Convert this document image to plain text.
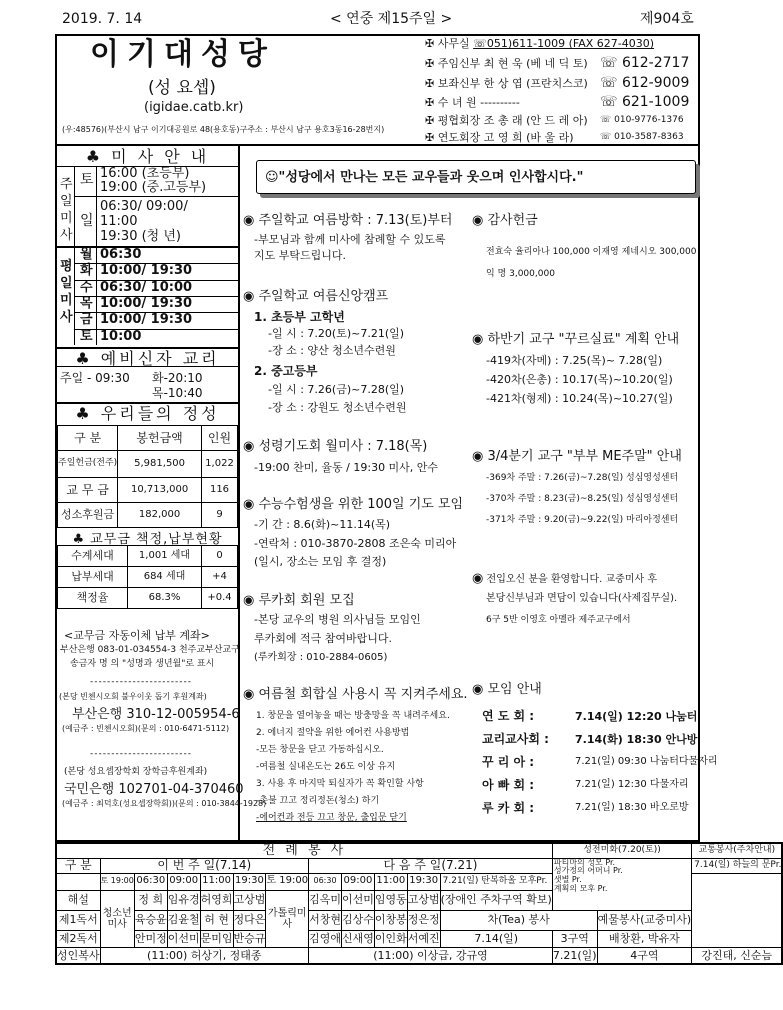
2019. 7. 14	< 연중 제15주일 >	제904호
이기대성당
(성 요셉)
(igidae.catb.kr)
(우:48576)(부산시 남구 이기대공원로 48(용호동)구주소 : 부산시 남구 용호3동16-28번지)
✠ 사무실 ☏051)611-1009 (FAX 627-4030)
✠ 주임신부 최 현 욱 (베 네 딕 토) ☏ 612-2717
✠ 보좌신부 한 상 엽 (프란치스코) ☏ 612-9009
✠ 수 녀 원 ----------	☏ 621-1009
✠ 평협회장 조 총 래 (안 드 레 아) ☏ 010-9776-1376
✠ 연도회장 고 영 희 (바 울 라)	☏ 010-3587-8363
♣ 미 사 안 내
주일미사
토 16:00 (초등부)
19:00 (중.고등부)
일
06:30/ 09:00/
11:00
19:30 (청 년)
평일미사
월 06:30
화 10:00/ 19:30
수 06:30/ 10:00
목 10:00/ 19:30
금 10:00/ 19:30
토 10:00
♣ 예비신자 교리
주일 - 09:30 화-20:10
목-10:40
♣ 우리들의 정성
구 분	봉헌금액	인원
주일헌금(전주)	5,981,500	1,022
교 무 금	10,713,000	116
성소후원금	182,000	9
♣ 교무금 책정,납부현황
수계세대	1,001 세대	0
납부세대	684 세대	+4
책정율	68.3%	+0.4
<교무금 자동이체 납부 계좌>
부산은행 083-01-034554-3 천주교부산교구
송금자 명 의 "성명과 생년월"로 표시
------------------------
(본당 빈첸시오회 불우이웃 돕기 후원계좌)
부산은행 310-12-005954-6
(예금주 : 빈첸시오회)(문의 : 010-6471-5112)
------------------------
(본당 성요셉장학회 장학금후원계좌)
국민은행 102701-04-370460
(예금주 : 최덕호(성요셉장학회))(문의 : 010-3844-1928)
☺"성당에서 만나는 모든 교우들과 웃으며 인사합시다."
◉ 주일학교 여름방학 : 7.13(토)부터
-부모님과 함께 미사에 참례할 수 있도록
지도 부탁드립니다.
◉ 주일학교 여름신앙캠프
1. 초등부 고학년
-일 시 : 7.20(토)~7.21(일)
-장 소 : 양산 청소년수련원
2. 중고등부
-일 시 : 7.26(금)~7.28(일)
-장 소 : 강원도 청소년수련원
◉ 성령기도회 월미사 : 7.18(목)
-19:00 찬미, 율동 / 19:30 미사, 안수
◉ 수능수험생을 위한 100일 기도 모임
-기 간 : 8.6(화)~11.14(목)
-연락처 : 010-3870-2808 조은숙 미리아
(일시, 장소는 모임 후 결정)
◉ 루카회 회원 모집
-본당 교우의 병원 의사님들 모임인
루카회에 적극 참여바랍니다.
(루카회장 : 010-2884-0605)
◉ 여름철 회합실 사용시 꼭 지켜주세요.
1. 창문을 열어놓을 때는 방충망을 꼭 내려주세요.
2. 에너지 절약을 위한 에어컨 사용방법
-모든 창문을 닫고 가동하십시오.
-여름철 실내온도는 26도 이상 유지
3. 사용 후 마지막 퇴실자가 꼭 확인할 사항
-촛불 끄고 정리정돈(청소) 하기
-에어컨과 전등 끄고 창문, 출입문 닫기
◉ 감사헌금
전효숙 율리아나 100,000 이재영 제네시오 300,000
익 명 3,000,000
◉ 하반기 교구 "꾸르실료" 계획 안내
-419차(자메) : 7.25(목)~ 7.28(일)
-420차(은총) : 10.17(목)~10.20(일)
-421차(형제) : 10.24(목)~10.27(일)
◉ 3/4분기 교구 "부부 ME주말" 안내
-369차 주말 : 7.26(금)~7.28(일) 성심영성센터
-370차 주말 : 8.23(금)~8.25(일) 성심영성센터
-371차 주말 : 9.20(금)~9.22(일) 마리아정센터
◉ 전입오신 분을 환영합니다. 교중미사 후
본당신부님과 면담이 있습니다(사제집무실).
6구 5반 이영호 아멜라 제주교구에서
◉ 모임 안내
연 도 회 :	7.14(일) 12:20 나눔터
교리교사회 : 7.14(화) 18:30 안나방
꾸 리 아 :	7.21(일) 09:30 나눔터다물자리
아 빠 회 :	7.21(일) 12:30 다물자리
루 카 회 :	7.21(일) 18:30 바오로방
전 례 봉 사												성전미화(7.20(토))		교통봉사(주차안내)
구 분	이 번 주 일(7.14)						다 음 주 일(7.21)					파티마의 성모 Pr.
성가정의 어머니 Pr.
샛별 Pr.
계획의 모후 Pr.		7.14(일) 하늘의 문Pr.
	토 19:00	06:30	09:00	11:00	19:30	토 19:00	06:30	09:00	11:00	19:30	7.21(일) 탄복하올 모후Pr.			
해설	청소년미사	정 희	임유경	허영희	고상범	가톨릭미사	김옥미	이선미	임영동	고상범	(장애인 주차구역 확보)			
제1독서		육승윤	김윤철	허 현	정다은		서창현	김상수	이창봉	정은정	차(Tea) 봉사		예물봉사(교중미사)	
제2독서		안미정	이선미	문미임	반승규		김영애	신새영	이인화	서예진	7.14(일)	3구역	배창환, 박유자	
성인복사	(11:00) 허상기, 정태종						(11:00) 이상급, 강규영					7.21(일)	4구역	강진태, 신순늠
